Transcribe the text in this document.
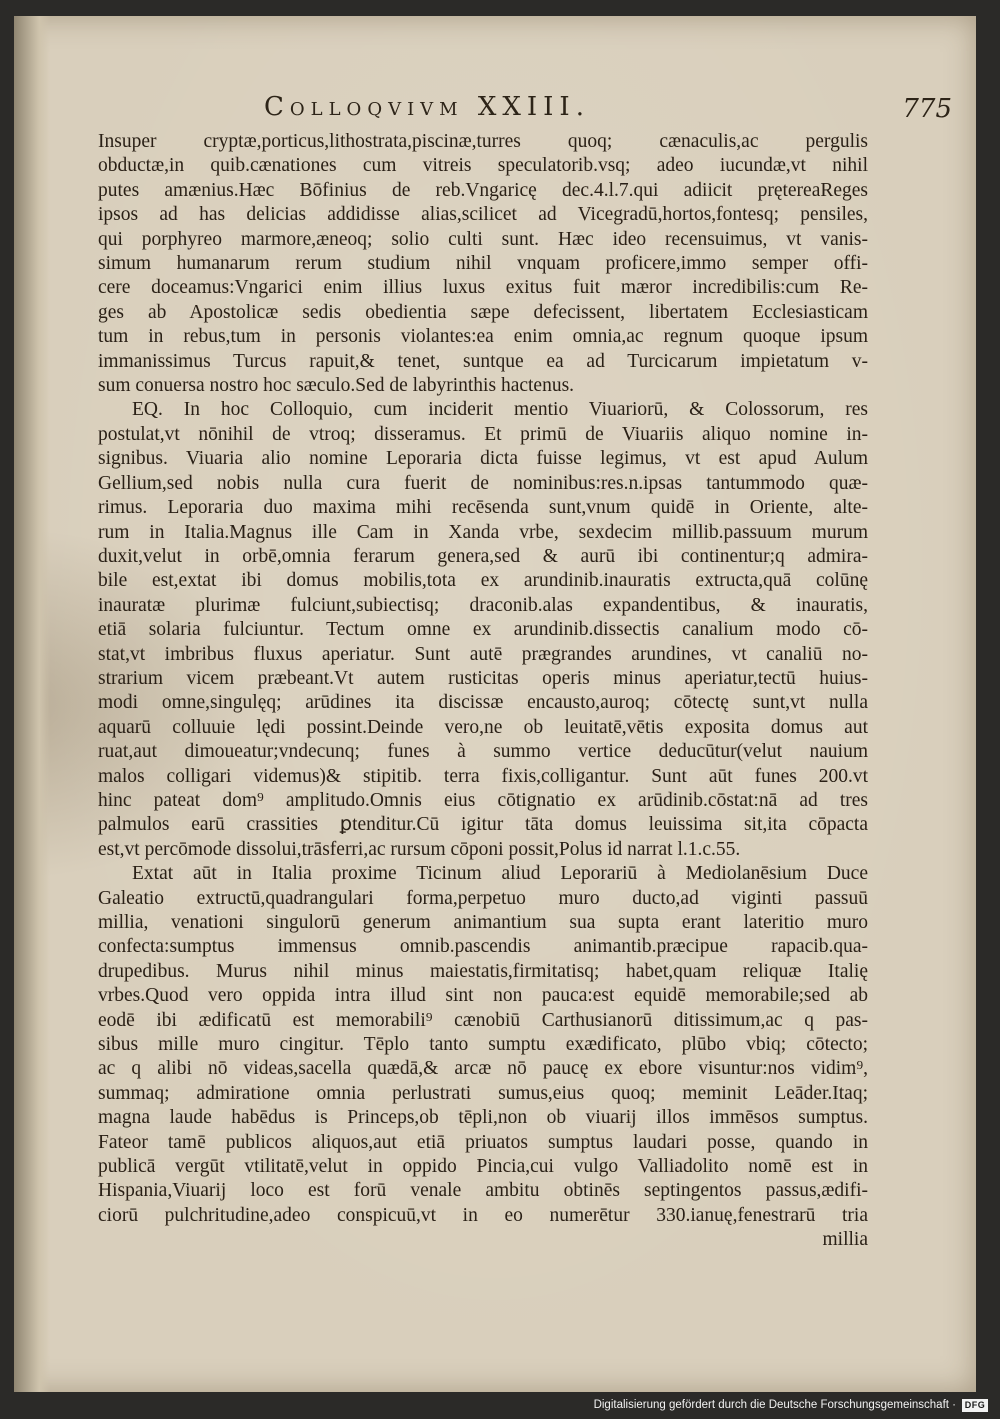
Colloqvivm XXIII.	775
Insuper cryptæ,porticus,lithostrata,piscinæ,turres quoq; cænaculis,ac pergulis
obductæ,in quib.cænationes cum vitreis speculatorib.vsq; adeo iucundæ,vt nihil
putes amænius.Hæc Bōfinius de reb.Vngaricę dec.4.l.7.qui adiicit prętereaReges
ipsos ad has delicias addidisse alias,scilicet ad Vicegradū,hortos,fontesq; pensiles,
qui porphyreo marmore,æneoq; solio culti sunt. Hæc ideo recensuimus, vt vanis-
simum humanarum rerum studium nihil vnquam proficere,immo semper offi-
cere doceamus:Vngarici enim illius luxus exitus fuit mæror incredibilis:cum Re-
ges ab Apostolicæ sedis obedientia sæpe defecissent, libertatem Ecclesiasticam
tum in rebus,tum in personis violantes:ea enim omnia,ac regnum quoque ipsum
immanissimus Turcus rapuit,& tenet, suntque ea ad Turcicarum impietatum v-
sum conuersa nostro hoc sæculo.Sed de labyrinthis hactenus.
EQ. In hoc Colloquio, cum inciderit mentio Viuariorū, & Colossorum, res
postulat,vt nōnihil de vtroq; disseramus. Et primū de Viuariis aliquo nomine in-
signibus. Viuaria alio nomine Leporaria dicta fuisse legimus, vt est apud Aulum
Gellium,sed nobis nulla cura fuerit de nominibus:res.n.ipsas tantummodo quæ-
rimus. Leporaria duo maxima mihi recēsenda sunt,vnum quidē in Oriente, alte-
rum in Italia.Magnus ille Cam in Xanda vrbe, sexdecim millib.passuum murum
duxit,velut in orbē,omnia ferarum genera,sed & aurū ibi continentur;q admira-
bile est,extat ibi domus mobilis,tota ex arundinib.inauratis extructa,quā colūnę
inauratæ plurimæ fulciunt,subiectisq; draconib.alas expandentibus, & inauratis,
etiā solaria fulciuntur. Tectum omne ex arundinib.dissectis canalium modo cō-
stat,vt imbribus fluxus aperiatur. Sunt autē prægrandes arundines, vt canaliū no-
strarium vicem præbeant.Vt autem rusticitas operis minus aperiatur,tectū huius-
modi omne,singulęq; arūdines ita discissæ encausto,auroq; cōtectę sunt,vt nulla
aquarū colluuie lędi possint.Deinde vero,ne ob leuitatē,vētis exposita domus aut
ruat,aut dimoueatur;vndecunq; funes à summo vertice deducūtur(velut nauium
malos colligari videmus)& stipitib. terra fixis,colligantur. Sunt aūt funes 200.vt
hinc pateat dom⁹ amplitudo.Omnis eius cōtignatio ex arūdinib.cōstat:nā ad tres
palmulos earū crassities ꝑtenditur.Cū igitur tāta domus leuissima sit,ita cōpacta
est,vt percōmode dissolui,trāsferri,ac rursum cōponi possit,Polus id narrat l.1.c.55.
Extat aūt in Italia proxime Ticinum aliud Leporariū à Mediolanēsium Duce
Galeatio extructū,quadrangulari forma,perpetuo muro ducto,ad viginti passuū
millia, venationi singulorū generum animantium sua supta erant lateritio muro
confecta:sumptus immensus omnib.pascendis animantib.præcipue rapacib.qua-
drupedibus. Murus nihil minus maiestatis,firmitatisq; habet,quam reliquæ Italię
vrbes.Quod vero oppida intra illud sint non pauca:est equidē memorabile;sed ab
eodē ibi ædificatū est memorabili⁹ cænobiū Carthusianorū ditissimum,ac q pas-
sibus mille muro cingitur. Tēplo tanto sumptu exædificato, plūbo vbiq; cōtecto;
ac q alibi nō videas,sacella quædā,& arcæ nō paucę ex ebore visuntur:nos vidim⁹,
summaq; admiratione omnia perlustrati sumus,eius quoq; meminit Leāder.Itaq;
magna laude habēdus is Princeps,ob tēpli,non ob viuarij illos immēsos sumptus.
Fateor tamē publicos aliquos,aut etiā priuatos sumptus laudari posse, quando in
publicā vergūt vtilitatē,velut in oppido Pincia,cui vulgo Valliadolito nomē est in
Hispania,Viuarij loco est forū venale ambitu obtinēs septingentos passus,ædifi-
ciorū pulchritudine,adeo conspicuū,vt in eo numerētur 330.ianuę,fenestrarū tria
millia
Digitalisierung gefördert durch die Deutsche Forschungsgemeinschaft · DFG
